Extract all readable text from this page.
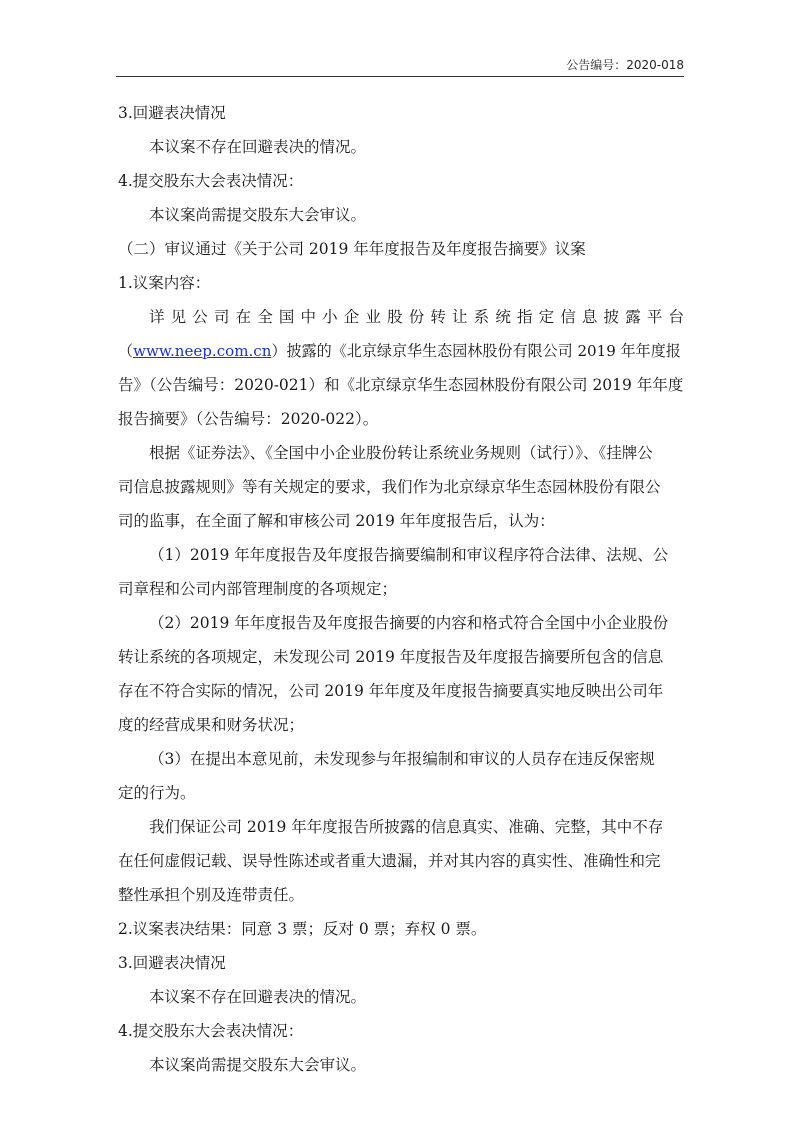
公告编号：2020-018

3.回避表决情况

本议案不存在回避表决的情况。

4.提交股东大会表决情况：

本议案尚需提交股东大会审议。

（二）审议通过《关于公司 2019 年年度报告及年度报告摘要》议案

1.议案内容：

详见公司在全国中小企业股份转让系统指定信息披露平台

（www.neep.com.cn）披露的《北京绿京华生态园林股份有限公司 2019 年年度报

告》（公告编号：2020-021）和《北京绿京华生态园林股份有限公司 2019 年年度

报告摘要》（公告编号：2020-022）。

根据《证券法》、《全国中小企业股份转让系统业务规则（试行）》、《挂牌公

司信息披露规则》等有关规定的要求，我们作为北京绿京华生态园林股份有限公

司的监事，在全面了解和审核公司 2019 年年度报告后，认为：

（1）2019 年年度报告及年度报告摘要编制和审议程序符合法律、法规、公

司章程和公司内部管理制度的各项规定；

（2）2019 年年度报告及年度报告摘要的内容和格式符合全国中小企业股份

转让系统的各项规定，未发现公司 2019 年度报告及年度报告摘要所包含的信息

存在不符合实际的情况，公司 2019 年年度及年度报告摘要真实地反映出公司年

度的经营成果和财务状况；

（3）在提出本意见前，未发现参与年报编制和审议的人员存在违反保密规

定的行为。

我们保证公司 2019 年年度报告所披露的信息真实、准确、完整，其中不存

在任何虚假记载、误导性陈述或者重大遗漏，并对其内容的真实性、准确性和完

整性承担个别及连带责任。

2.议案表决结果：同意 3 票；反对 0 票；弃权 0 票。

3.回避表决情况

本议案不存在回避表决的情况。

4.提交股东大会表决情况：

本议案尚需提交股东大会审议。
